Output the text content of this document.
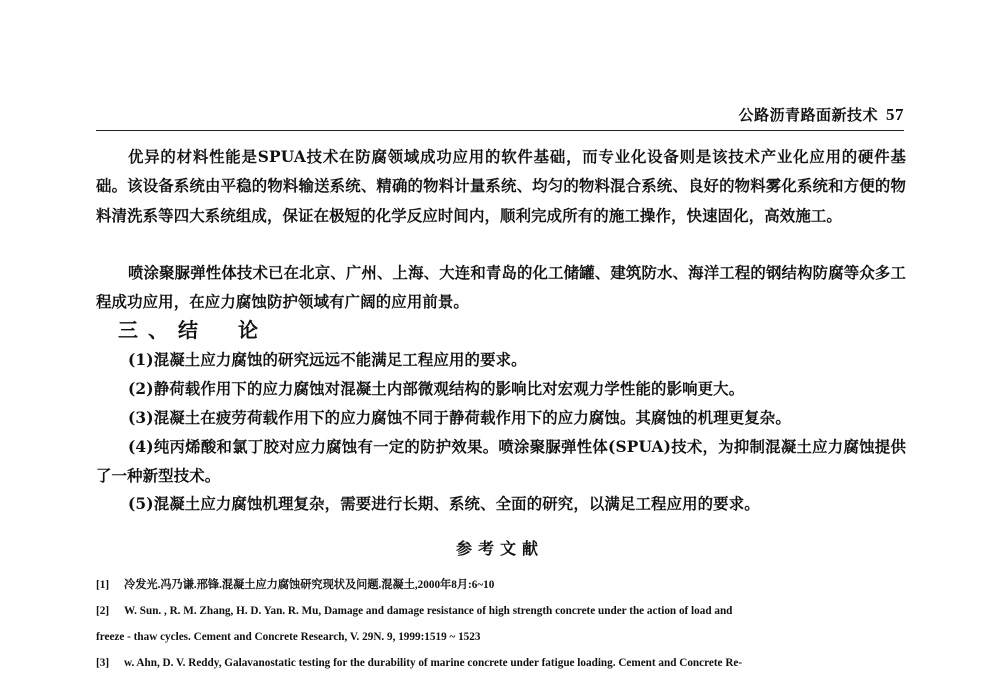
公路沥青路面新技术 57

优异的材料性能是SPUA技术在防腐领域成功应用的软件基础，而专业化设备则是该技术产业化应用的硬件基础。该设备系统由平稳的物料输送系统、精确的物料计量系统、均匀的物料混合系统、良好的物料雾化系统和方便的物料清洗系等四大系统组成，保证在极短的化学反应时间内，顺利完成所有的施工操作，快速固化，高效施工。

喷涂聚脲弹性体技术已在北京、广州、上海、大连和青岛的化工储罐、建筑防水、海洋工程的钢结构防腐等众多工程成功应用，在应力腐蚀防护领域有广阔的应用前景。

三、结　论

(1)混凝土应力腐蚀的研究远远不能满足工程应用的要求。

(2)静荷载作用下的应力腐蚀对混凝土内部微观结构的影响比对宏观力学性能的影响更大。

(3)混凝土在疲劳荷载作用下的应力腐蚀不同于静荷载作用下的应力腐蚀。其腐蚀的机理更复杂。

(4)纯丙烯酸和氯丁胶对应力腐蚀有一定的防护效果。喷涂聚脲弹性体(SPUA)技术，为抑制混凝土应力腐蚀提供了一种新型技术。

(5)混凝土应力腐蚀机理复杂，需要进行长期、系统、全面的研究，以满足工程应用的要求。

参考文献
[1] 冷发光.冯乃谦.邢锋.混凝土应力腐蚀研究现状及问题.混凝土,2000年8月:6~10
[2] W. Sun. , R. M. Zhang, H. D. Yan. R. Mu, Damage and damage resistance of high strength concrete under the action of load and
freeze - thaw cycles. Cement and Concrete Research, V. 29N. 9, 1999:1519 ~ 1523
[3] w. Ahn, D. V. Reddy, Galavanostatic testing for the durability of marine concrete under fatigue loading. Cement and Concrete Re-
